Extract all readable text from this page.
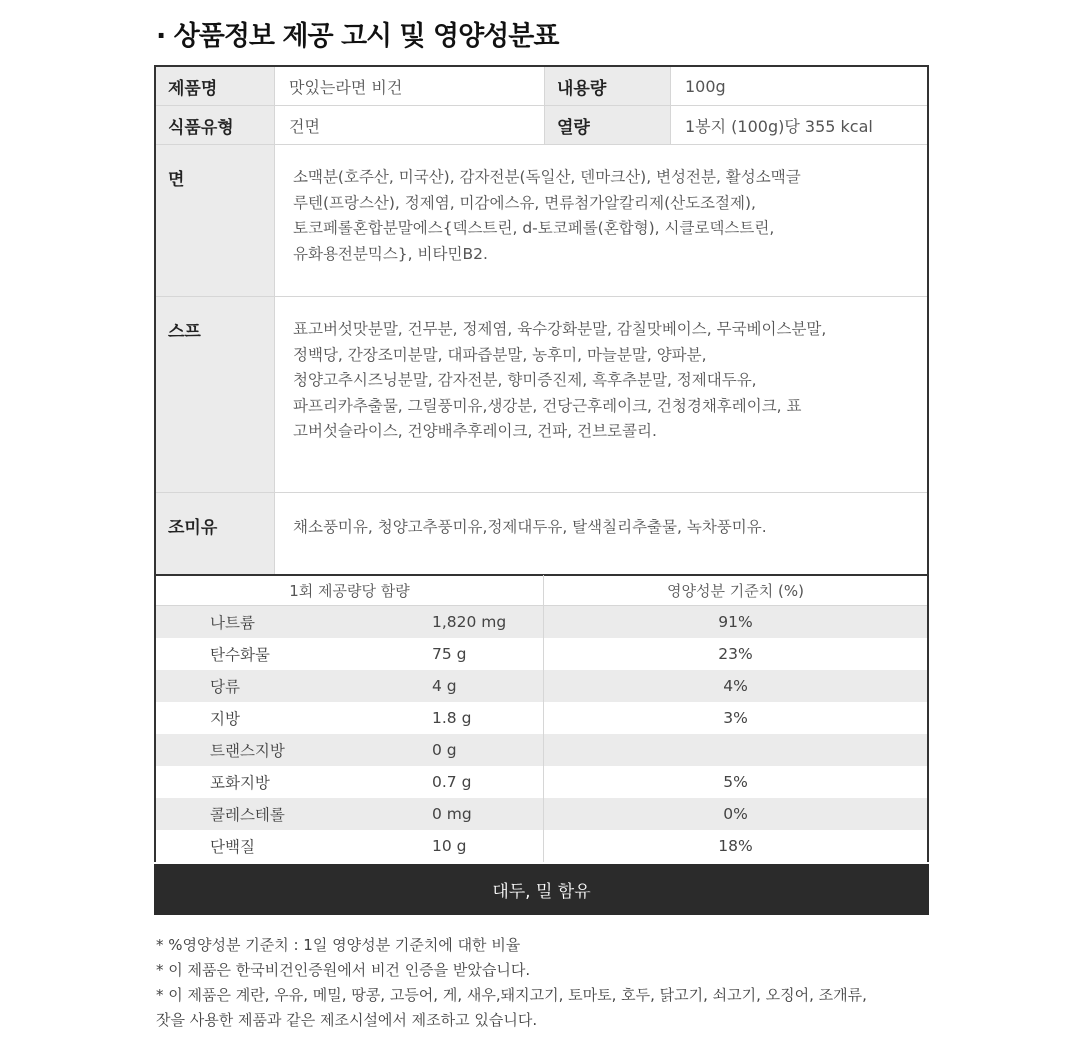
· 상품정보 제공 고시 및 영양성분표
제품명	맛있는라면 비건	내용량	100g
식품유형	건면	열량	1봉지 (100g)당 355 kcal
면	소맥분(호주산, 미국산), 감자전분(독일산, 덴마크산), 변성전분, 활성소맥글
루텐(프랑스산), 정제염, 미감에스유, 면류첨가알칼리제(산도조절제),
토코페롤혼합분말에스{덱스트린, d-토코페롤(혼합형), 시클로덱스트린,
유화용전분믹스}, 비타민B2.
스프	표고버섯맛분말, 건무분, 정제염, 육수강화분말, 감칠맛베이스, 무국베이스분말,
정백당, 간장조미분말, 대파즙분말, 농후미, 마늘분말, 양파분,
청양고추시즈닝분말, 감자전분, 향미증진제, 흑후추분말, 정제대두유,
파프리카추출물, 그릴풍미유,생강분, 건당근후레이크, 건청경채후레이크, 표
고버섯슬라이스, 건양배추후레이크, 건파, 건브로콜리.
조미유	채소풍미유, 청양고추풍미유,정제대두유, 탈색칠리추출물, 녹차풍미유.
1회 제공량당 함량	영양성분 기준치 (%)
나트륨	1,820 mg	91%
탄수화물	75 g	23%
당류	4 g	4%
지방	1.8 g	3%
트랜스지방	0 g
포화지방	0.7 g	5%
콜레스테롤	0 mg	0%
단백질	10 g	18%
대두, 밀 함유
* %영양성분 기준치 : 1일 영양성분 기준치에 대한 비율
* 이 제품은 한국비건인증원에서 비건 인증을 받았습니다.
* 이 제품은 계란, 우유, 메밀, 땅콩, 고등어, 게, 새우,돼지고기, 토마토, 호두, 닭고기, 쇠고기, 오징어, 조개류,
잣을 사용한 제품과 같은 제조시설에서 제조하고 있습니다.
